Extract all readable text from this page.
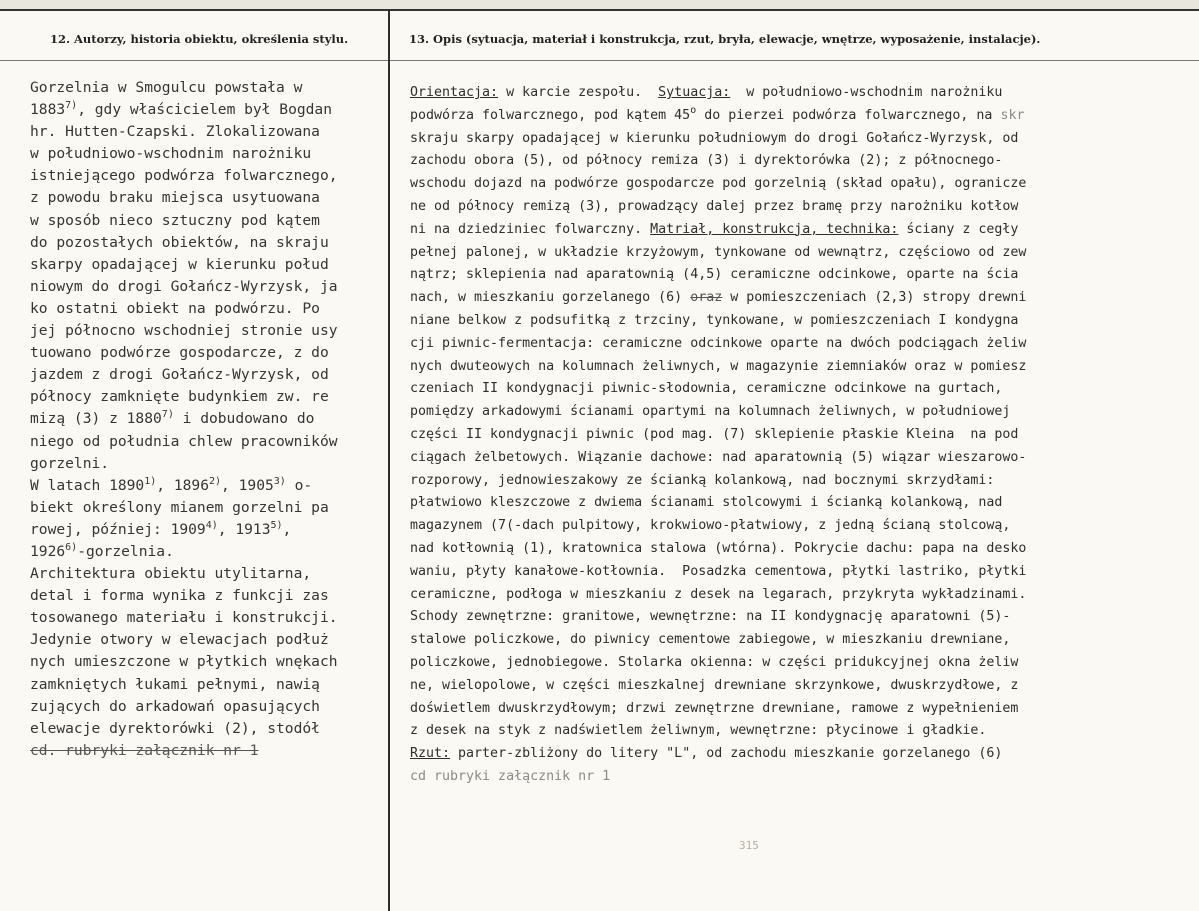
12. Autorzy, historia obiektu, określenia stylu.	13. Opis (sytuacja, materiał i konstrukcja, rzut, bryła, elewacje, wnętrze, wyposażenie, instalacje).
Gorzelnia w Smogulcu powstała w
1883$^{7)}$, gdy właścicielem był Bogdan
hr. Hutten-Czapski. Zlokalizowana
w południowo-wschodnim narożniku
istniejącego podwórza folwarcznego,
z powodu braku miejsca usytuowana
w sposób nieco sztuczny pod kątem
do pozostałych obiektów, na skraju
skarpy opadającej w kierunku połud
niowym do drogi Gołańcz-Wyrzysk, ja
ko ostatni obiekt na podwórzu. Po
jej północno wschodniej stronie usy
tuowano podwórze gospodarcze, z do
jazdem z drogi Gołańcz-Wyrzysk, od
północy zamknięte budynkiem zw. re
mizą (3) z 1880$^{7)}$ i dobudowano do
niego od południa chlew pracowników
gorzelni.
W latach 1890$^{1)}$, 1896$^{2)}$, 1905$^{3)}$ o-
biekt określony mianem gorzelni pa
rowej, później: 1909$^{4)}$, 1913$^{5)}$,
1926$^{6)}$-gorzelnia.
Architektura obiektu utylitarna,
detal i forma wynika z funkcji zas
tosowanego materiału i konstrukcji.
Jedynie otwory w elewacjach podłuż
nych umieszczone w płytkich wnękach
zamkniętych łukami pełnymi, nawią
zujących do arkadowań opasujących
elewacje dyrektorówki (2), stodół
cd. rubryki załącznik nr 1
Orientacja: w karcie zespołu.  Sytuacja:  w południowo-wschodnim narożniku
podwórza folwarcznego, pod kątem 45$^o$ do pierzei podwórza folwarcznego, na skr
skraju skarpy opadającej w kierunku południowym do drogi Gołańcz-Wyrzysk, od
zachodu obora (5), od północy remiza (3) i dyrektorówka (2); z północnego-
wschodu dojazd na podwórze gospodarcze pod gorzelnią (skład opału), ogranicze
ne od północy remizą (3), prowadzący dalej przez bramę przy narożniku kotłow
ni na dziedziniec folwarczny. Matriał, konstrukcja, technika: ściany z cegły
pełnej palonej, w układzie krzyżowym, tynkowane od wewnątrz, częściowo od zew
nątrz; sklepienia nad aparatownią (4,5) ceramiczne odcinkowe, oparte na ścia
nach, w mieszkaniu gorzelanego (6) oraz w pomieszczeniach (2,3) stropy drewni
niane belkow z podsufitką z trzciny, tynkowane, w pomieszczeniach I kondygna
cji piwnic-fermentacja: ceramiczne odcinkowe oparte na dwóch podciągach żeliw
nych dwuteowych na kolumnach żeliwnych, w magazynie ziemniaków oraz w pomiesz
czeniach II kondygnacji piwnic-słodownia, ceramiczne odcinkowe na gurtach,
pomiędzy arkadowymi ścianami opartymi na kolumnach żeliwnych, w południowej
części II kondygnacji piwnic (pod mag. (7) sklepienie płaskie Kleina  na pod
ciągach żelbetowych. Wiązanie dachowe: nad aparatownią (5) wiązar wieszarowo-
rozporowy, jednowieszakowy ze ścianką kolankową, nad bocznymi skrzydłami:
płatwiowo kleszczowe z dwiema ścianami stolcowymi i ścianką kolankową, nad
magazynem (7(-dach pulpitowy, krokwiowo-płatwiowy, z jedną ścianą stolcową,
nad kotłownią (1), kratownica stalowa (wtórna). Pokrycie dachu: papa na desko
waniu, płyty kanałowe-kotłownia.  Posadzka cementowa, płytki lastriko, płytki
ceramiczne, podłoga w mieszkaniu z desek na legarach, przykryta wykładzinami.
Schody zewnętrzne: granitowe, wewnętrzne: na II kondygnację aparatowni (5)-
stalowe policzkowe, do piwnicy cementowe zabiegowe, w mieszkaniu drewniane,
policzkowe, jednobiegowe. Stolarka okienna: w części pridukcyjnej okna żeliw
ne, wielopolowe, w części mieszkalnej drewniane skrzynkowe, dwuskrzydłowe, z
doświetlem dwuskrzydłowym; drzwi zewnętrzne drewniane, ramowe z wypełnieniem
z desek na styk z nadświetlem żeliwnym, wewnętrzne: płycinowe i gładkie.
Rzut: parter-zbliżony do litery "L", od zachodu mieszkanie gorzelanego (6)
cd rubryki załącznik nr 1
315
